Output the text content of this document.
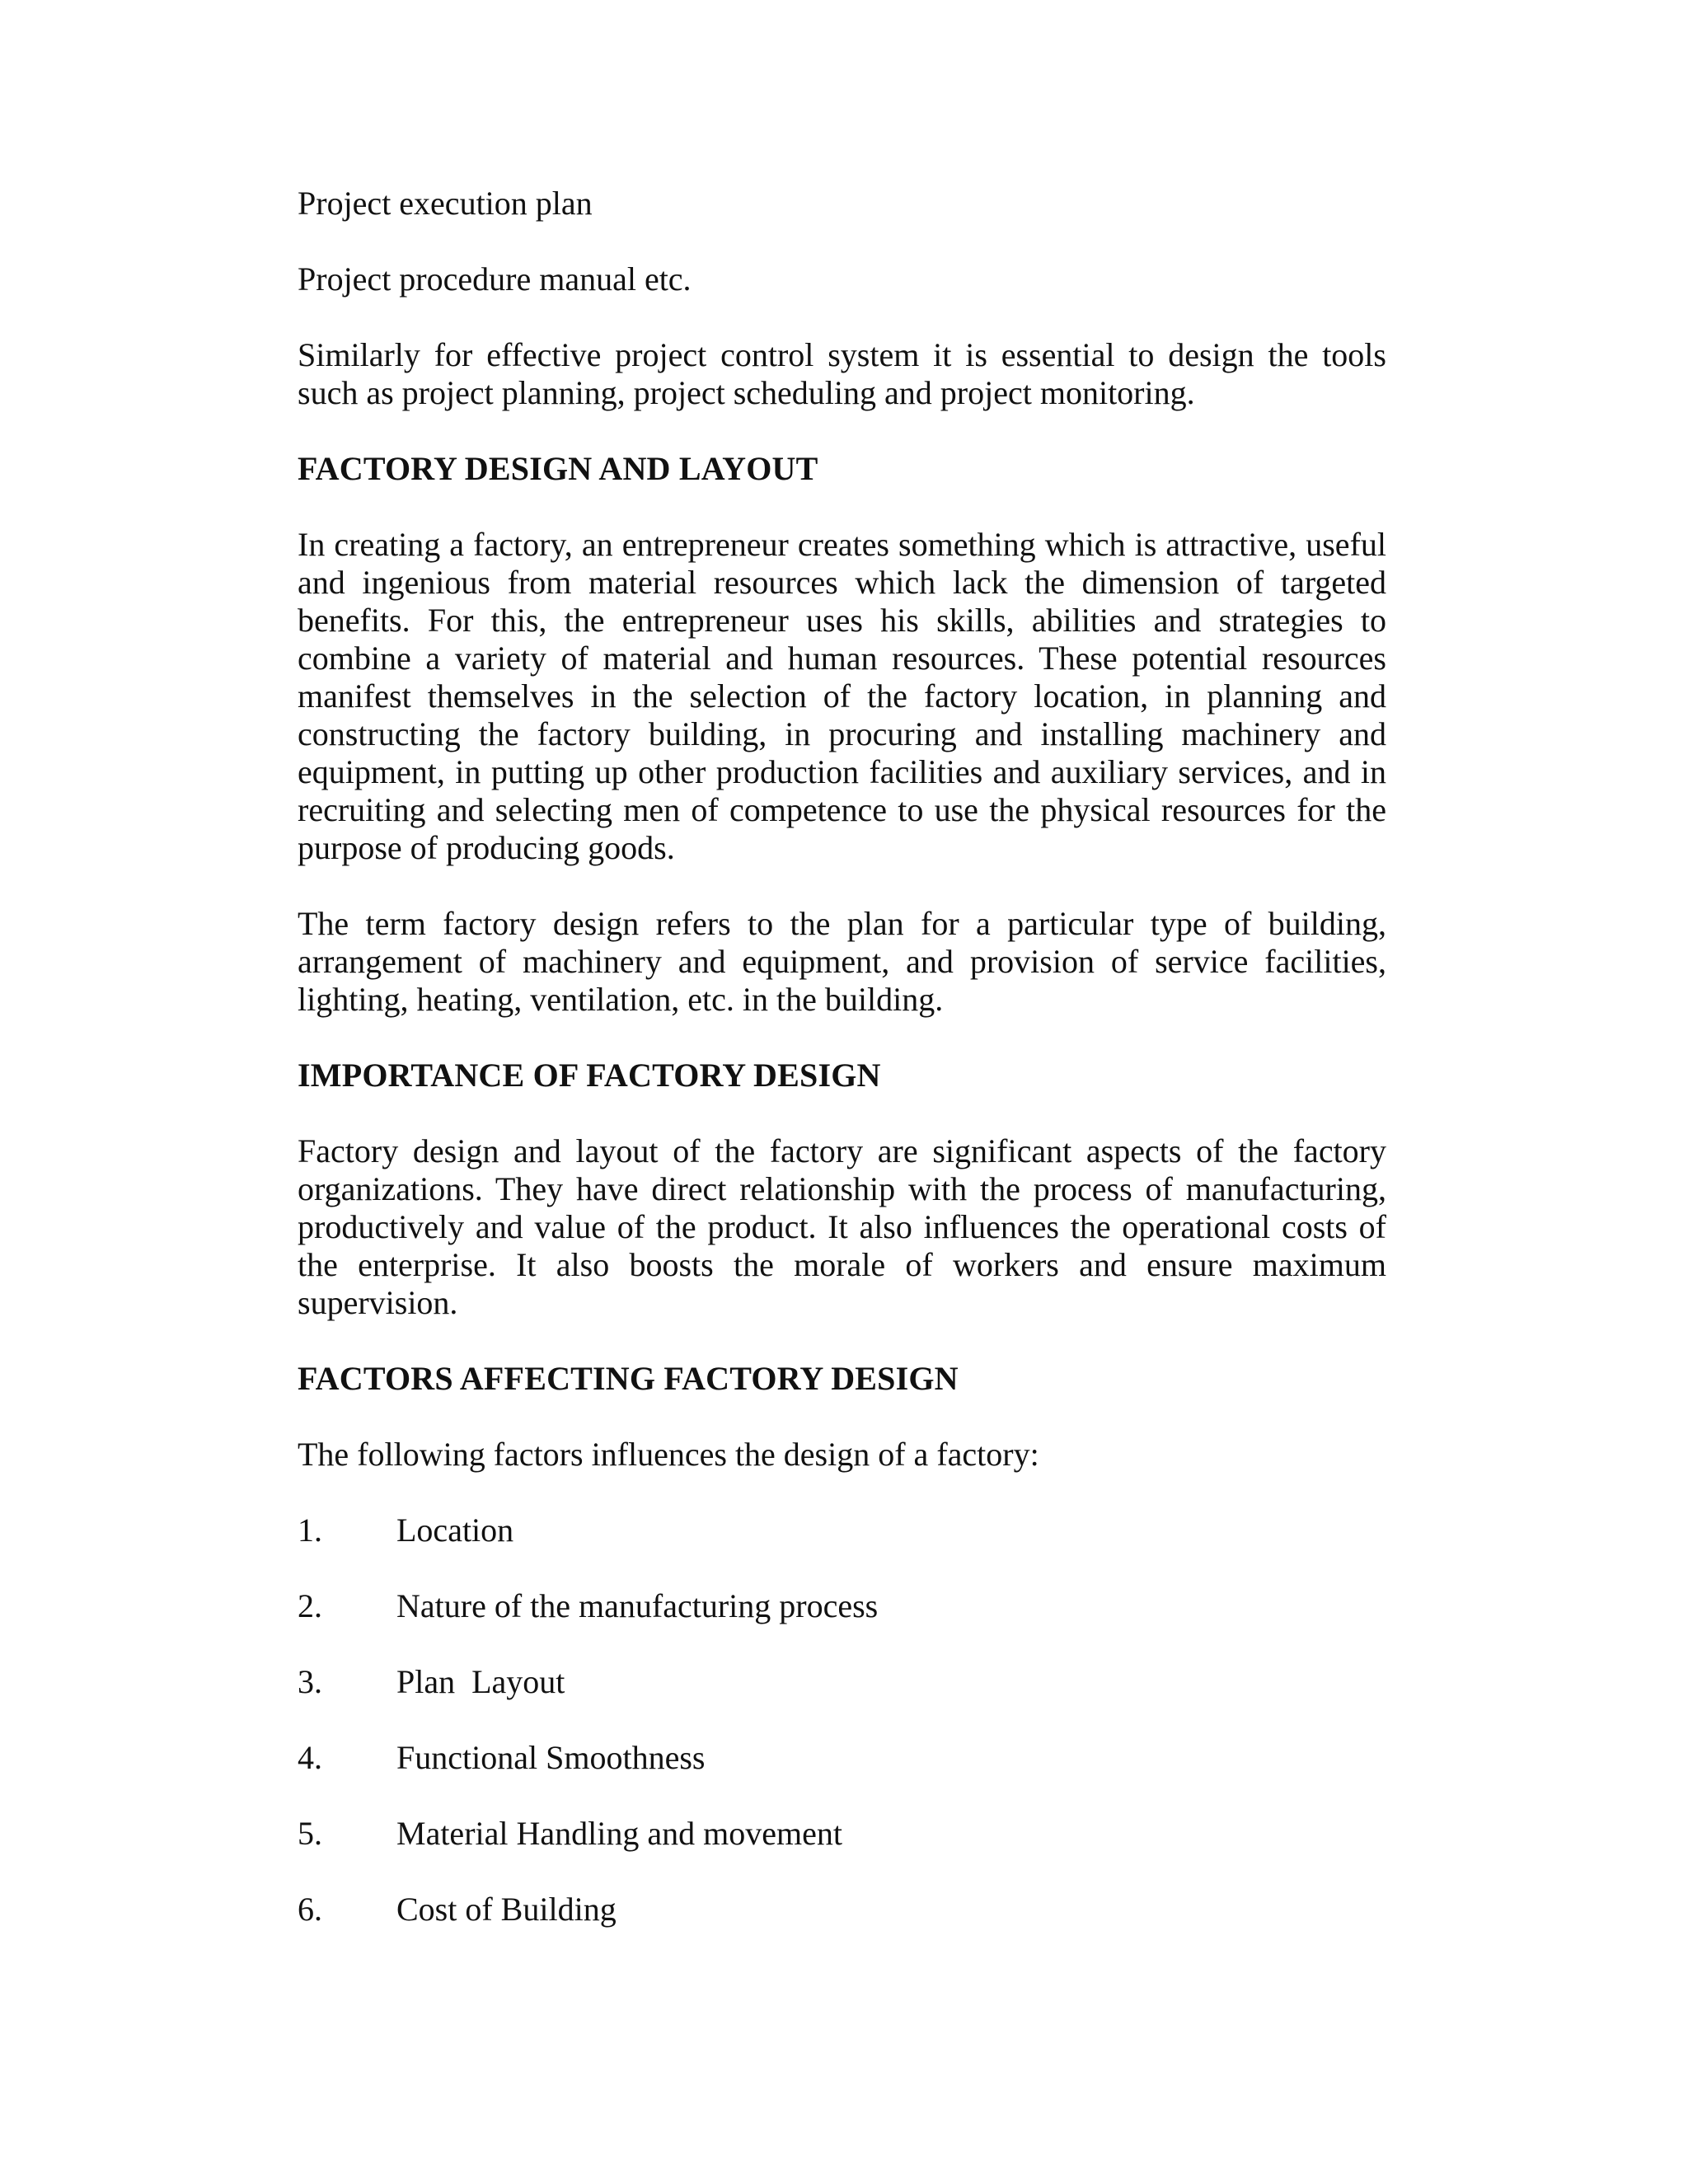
Project execution plan

Project procedure manual etc.

Similarly for effective project control system it is essential to design the tools such as project planning, project scheduling and project monitoring.

FACTORY DESIGN AND LAYOUT

In creating a factory, an entrepreneur creates something which is attractive, useful and ingenious from material resources which lack the dimension of targeted benefits. For this, the entrepreneur uses his skills, abilities and strategies to combine a variety of material and human resources. These potential resources manifest themselves in the selection of the factory location, in planning and constructing the factory building, in procuring and installing machinery and equipment, in putting up other production facilities and auxiliary services, and in recruiting and selecting men of competence to use the physical resources for the purpose of producing goods.

The term factory design refers to the plan for a particular type of building, arrangement of machinery and equipment, and provision of service facilities, lighting, heating, ventilation, etc. in the building.

IMPORTANCE OF FACTORY DESIGN

Factory design and layout of the factory are significant aspects of the factory organizations. They have direct relationship with the process of manufacturing, productively and value of the product. It also influences the operational costs of the enterprise. It also boosts the morale of workers and ensure maximum supervision.

FACTORS AFFECTING FACTORY DESIGN

The following factors influences the design of a factory:

1.	Location
2.	Nature of the manufacturing process
3.	Plan  Layout
4.	Functional Smoothness
5.	Material Handling and movement
6.	Cost of Building
